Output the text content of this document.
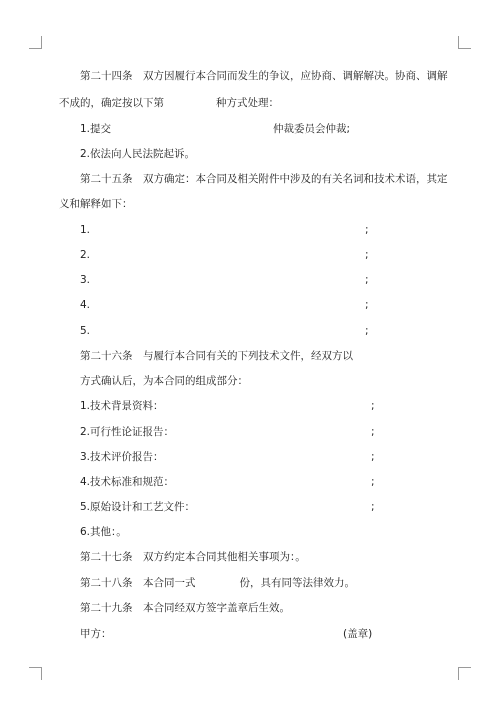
第二十四条　双方因履行本合同而发生的争议，应协商、调解解决。协商、调解
不成的，确定按以下第	种方式处理：
1.提交	仲裁委员会仲裁;
2.依法向人民法院起诉。
第二十五条　双方确定：本合同及相关附件中涉及的有关名词和技术术语，其定
义和解释如下：
1.	;
2.	;
3.	;
4.	;
5.	;
第二十六条　与履行本合同有关的下列技术文件，经双方以
方式确认后，为本合同的组成部分：
1.技术背景资料：	;
2.可行性论证报告：	;
3.技术评价报告：	;
4.技术标准和规范：	;
5.原始设计和工艺文件：	;
6.其他：。
第二十七条　双方约定本合同其他相关事项为：。
第二十八条　本合同一式	份，具有同等法律效力。
第二十九条　本合同经双方签字盖章后生效。
甲方：	(盖章)
